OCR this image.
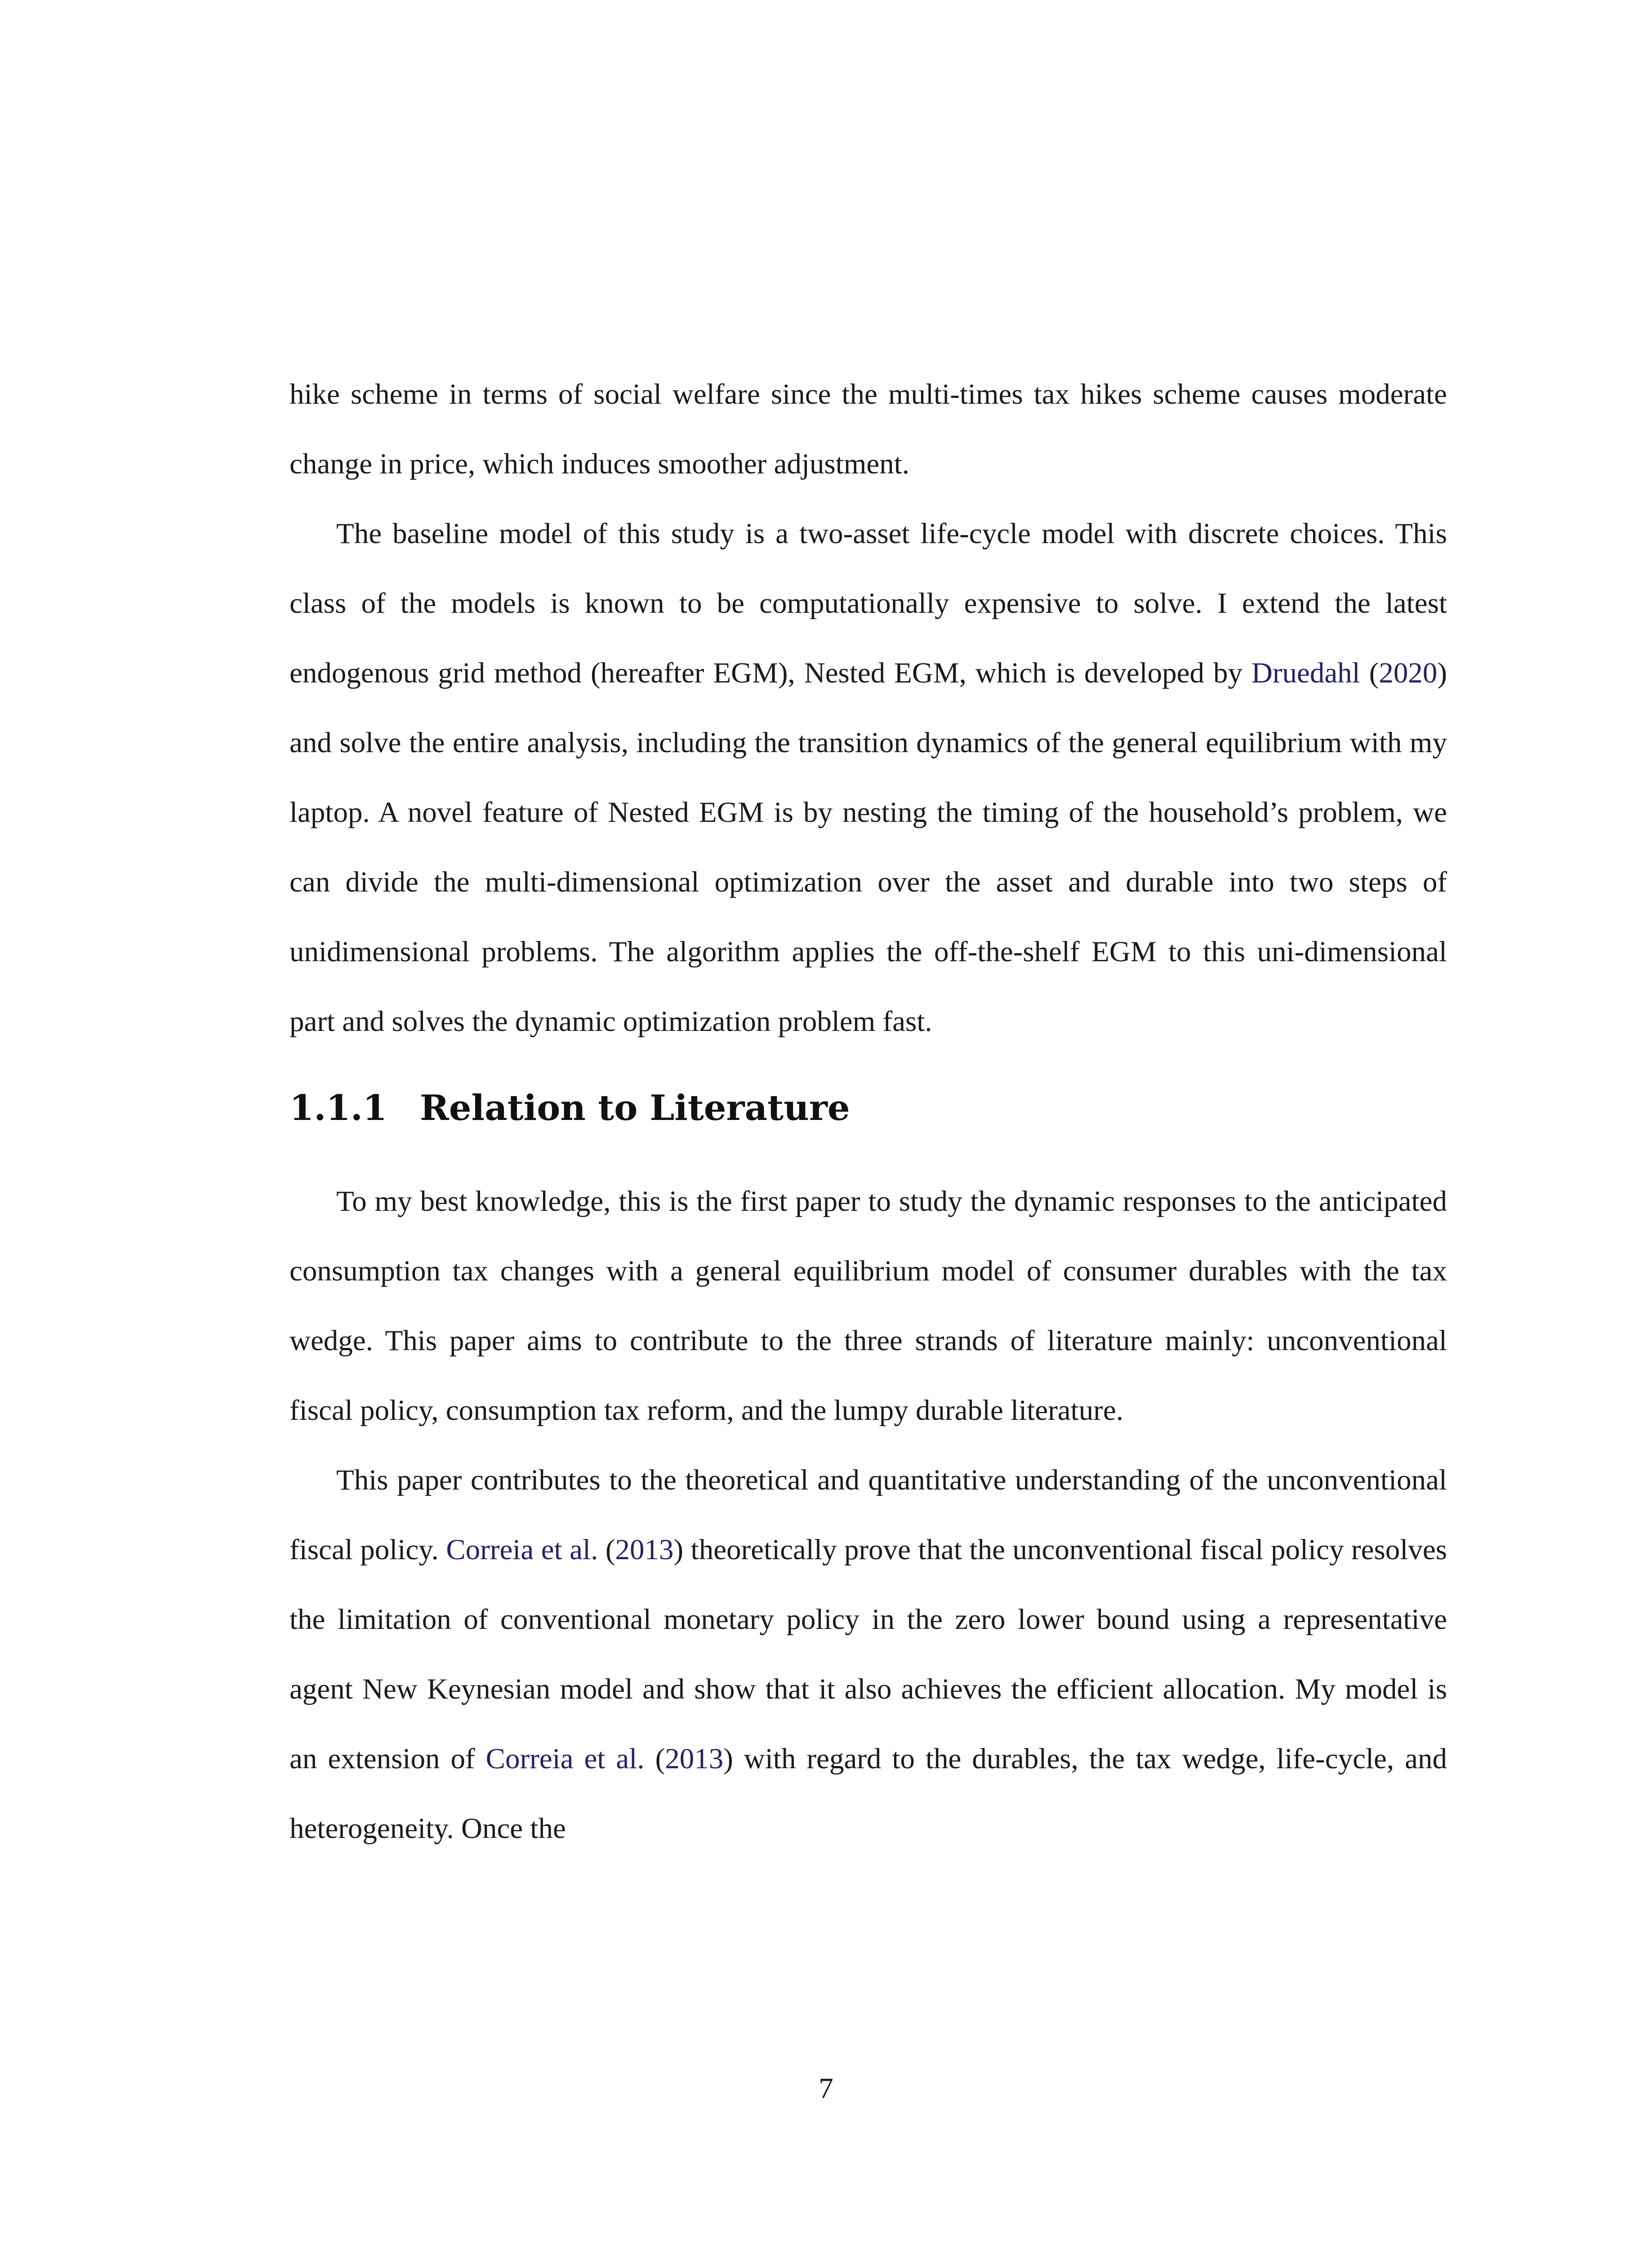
hike scheme in terms of social welfare since the multi-times tax hikes scheme causes moderate change in price, which induces smoother adjustment.

The baseline model of this study is a two-asset life-cycle model with discrete choices. This class of the models is known to be computationally expensive to solve. I extend the latest endogenous grid method (hereafter EGM), Nested EGM, which is developed by Druedahl (2020) and solve the entire analysis, including the transition dynamics of the general equilibrium with my laptop. A novel feature of Nested EGM is by nesting the timing of the household’s problem, we can divide the multi-dimensional optimization over the asset and durable into two steps of unidimensional problems. The algorithm applies the off-the-shelf EGM to this uni-dimensional part and solves the dynamic optimization problem fast.

1.1.1 Relation to Literature

To my best knowledge, this is the first paper to study the dynamic responses to the anticipated consumption tax changes with a general equilibrium model of consumer durables with the tax wedge. This paper aims to contribute to the three strands of literature mainly: unconventional fiscal policy, consumption tax reform, and the lumpy durable literature.

This paper contributes to the theoretical and quantitative understanding of the unconventional fiscal policy. Correia et al. (2013) theoretically prove that the unconventional fiscal policy resolves the limitation of conventional monetary policy in the zero lower bound using a representative agent New Keynesian model and show that it also achieves the efficient allocation. My model is an extension of Correia et al. (2013) with regard to the durables, the tax wedge, life-cycle, and heterogeneity. Once the

7
